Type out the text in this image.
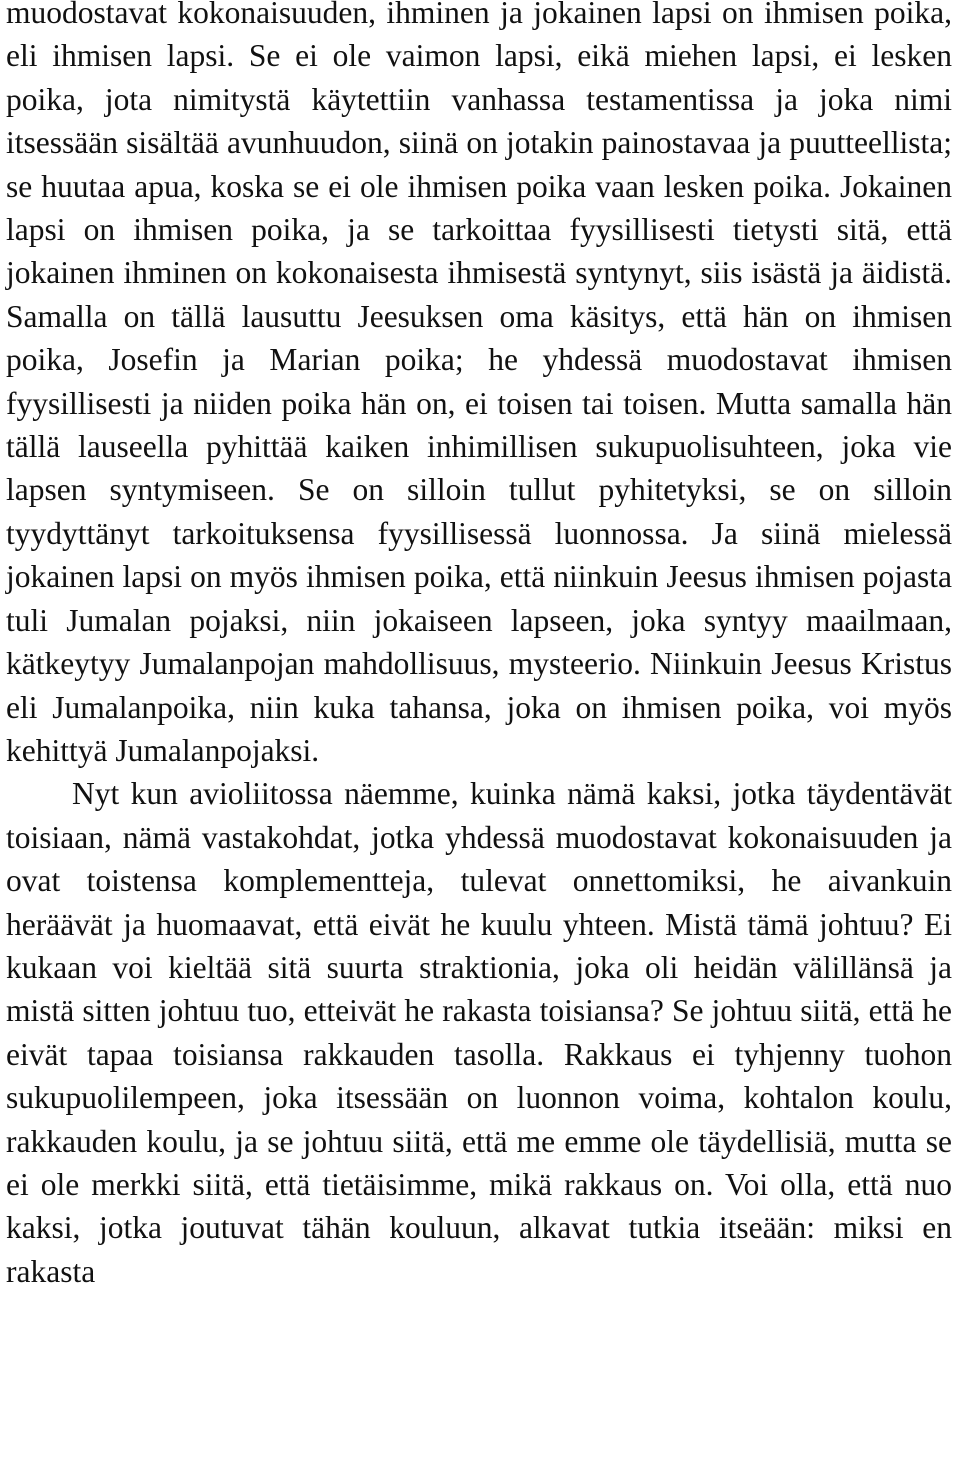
muodostavat kokonaisuuden, ihminen ja jokainen lapsi on ihmisen poika, eli ihmisen lapsi. Se ei ole vaimon lapsi, eikä miehen lapsi, ei lesken poika, jota nimitystä käytettiin vanhassa testamentissa ja joka nimi itsessään sisältää avunhuudon, siinä on jotakin painostavaa ja puutteellista; se huutaa apua, koska se ei ole ihmisen poika vaan lesken poika. Jokainen lapsi on ihmisen poika, ja se tarkoittaa fyysillisesti tietysti sitä, että jokainen ihminen on kokonaisesta ihmisestä syntynyt, siis isästä ja äidistä. Samalla on tällä lausuttu Jeesuksen oma käsitys, että hän on ihmisen poika, Josefin ja Marian poika; he yhdessä muodostavat ihmisen fyysillisesti ja niiden poika hän on, ei toisen tai toisen. Mutta samalla hän tällä lauseella pyhittää kaiken inhimillisen sukupuolisuhteen, joka vie lapsen syntymiseen. Se on silloin tullut pyhitetyksi, se on silloin tyydyttänyt tarkoituksensa fyysillisessä luonnossa. Ja siinä mielessä jokainen lapsi on myös ihmisen poika, että niinkuin Jeesus ihmisen pojasta tuli Jumalan pojaksi, niin jokaiseen lapseen, joka syntyy maailmaan, kätkeytyy Jumalanpojan mahdollisuus, mysteerio. Niinkuin Jeesus Kristus eli Jumalanpoika, niin kuka tahansa, joka on ihmisen poika, voi myös kehittyä Jumalanpojaksi.

Nyt kun avioliitossa näemme, kuinka nämä kaksi, jotka täydentävät toisiaan, nämä vastakohdat, jotka yhdessä muodostavat kokonaisuuden ja ovat toistensa komplementteja, tulevat onnettomiksi, he aivankuin heräävät ja huomaavat, että eivät he kuulu yhteen. Mistä tämä johtuu? Ei kukaan voi kieltää sitä suurta straktionia, joka oli heidän välillänsä ja mistä sitten johtuu tuo, etteivät he rakasta toisiansa? Se johtuu siitä, että he eivät tapaa toisiansa rakkauden tasolla. Rakkaus ei tyhjenny tuohon sukupuolilempeen, joka itsessään on luonnon voima, kohtalon koulu, rakkauden koulu, ja se johtuu siitä, että me emme ole täydellisiä, mutta se ei ole merkki siitä, että tietäisimme, mikä rakkaus on. Voi olla, että nuo kaksi, jotka joutuvat tähän kouluun, alkavat tutkia itseään: miksi en rakasta
